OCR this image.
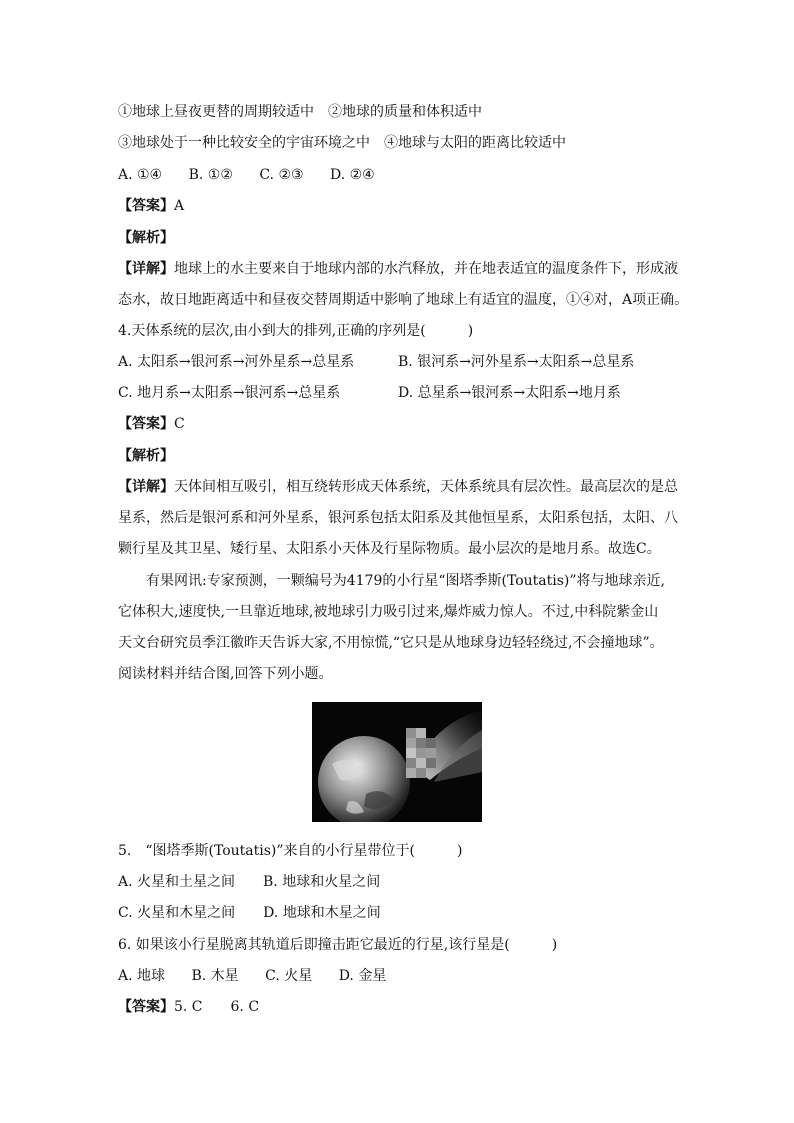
①地球上昼夜更替的周期较适中　②地球的质量和体积适中
③地球处于一种比较安全的宇宙环境之中　④地球与太阳的距离比较适中
A. ①④ B. ①② C. ②③ D. ②④
【答案】A
【解析】
【详解】地球上的水主要来自于地球内部的水汽释放，并在地表适宜的温度条件下，形成液
态水，故日地距离适中和昼夜交替周期适中影响了地球上有适宜的温度，①④对，A项正确。
4.天体系统的层次,由小到大的排列,正确的序列是(　　　)
A. 太阳系→银河系→河外星系→总星系	B. 银河系→河外星系→太阳系→总星系
C. 地月系→太阳系→银河系→总星系	D. 总星系→银河系→太阳系→地月系
【答案】C
【解析】
【详解】天体间相互吸引，相互绕转形成天体系统，天体系统具有层次性。最高层次的是总
星系，然后是银河系和河外星系，银河系包括太阳系及其他恒星系，太阳系包括，太阳、八
颗行星及其卫星、矮行星、太阳系小天体及行星际物质。最小层次的是地月系。故选C。
有果网讯:专家预测，一颗编号为4179的小行星“图塔季斯(Toutatis)”将与地球亲近,
它体积大,速度快,一旦靠近地球,被地球引力吸引过来,爆炸威力惊人。不过,中科院紫金山
天文台研究员季江徽昨天告诉大家,不用惊慌,“它只是从地球身边轻轻绕过,不会撞地球”。
阅读材料并结合图,回答下列小题。
5.　“图塔季斯(Toutatis)”来自的小行星带位于(　　　)
A. 火星和土星之间　　B. 地球和火星之间
C. 火星和木星之间　　D. 地球和木星之间
6. 如果该小行星脱离其轨道后即撞击距它最近的行星,该行星是(　　　)
A. 地球 B. 木星 C. 火星 D. 金星
【答案】5. C　　6. C
